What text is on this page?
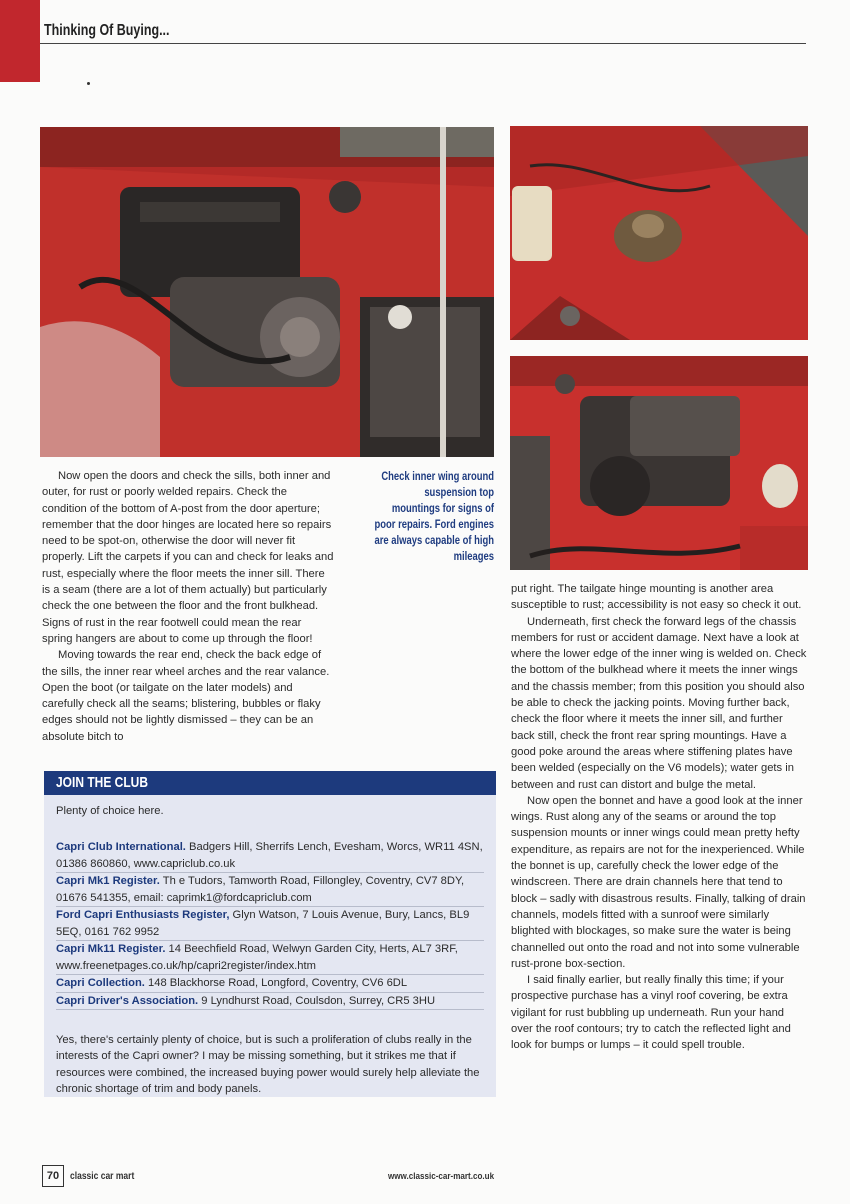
Thinking Of Buying...
Check inner wing around suspension top mountings for signs of poor repairs. Ford engines are always capable of high mileages

Now open the doors and check the sills, both inner and outer, for rust or poorly welded repairs. Check the condition of the bottom of A-post from the door aperture; remember that the door hinges are located here so repairs need to be spot-on, otherwise the door will never fit properly. Lift the carpets if you can and check for leaks and rust, especially where the floor meets the inner sill. There is a seam (there are a lot of them actually) but particularly check the one between the floor and the front bulkhead. Signs of rust in the rear footwell could mean the rear spring hangers are about to come up through the floor!

Moving towards the rear end, check the back edge of the sills, the inner rear wheel arches and the rear valance. Open the boot (or tailgate on the later models) and carefully check all the seams; blistering, bubbles or flaky edges should not be lightly dismissed – they can be an absolute bitch to

put right. The tailgate hinge mounting is another area susceptible to rust; accessibility is not easy so check it out.

Underneath, first check the forward legs of the chassis members for rust or accident damage. Next have a look at where the lower edge of the inner wing is welded on. Check the bottom of the bulkhead where it meets the inner wings and the chassis member; from this position you should also be able to check the jacking points. Moving further back, check the floor where it meets the inner sill, and further back still, check the front rear spring mountings. Have a good poke around the areas where stiffening plates have been welded (especially on the V6 models); water gets in between and rust can distort and bulge the metal.

Now open the bonnet and have a good look at the inner wings. Rust along any of the seams or around the top suspension mounts or inner wings could mean pretty hefty expenditure, as repairs are not for the inexperienced. While the bonnet is up, carefully check the lower edge of the windscreen. There are drain channels here that tend to block – sadly with disastrous results. Finally, talking of drain channels, models fitted with a sunroof were similarly blighted with blockages, so make sure the water is being channelled out onto the road and not into some vulnerable rust-prone box-section.

I said finally earlier, but really finally this time; if your prospective purchase has a vinyl roof covering, be extra vigilant for rust bubbling up underneath. Run your hand over the roof contours; try to catch the reflected light and look for bumps or lumps – it could spell trouble.

JOIN THE CLUB

Plenty of choice here.

Capri Club International. Badgers Hill, Sherrifs Lench, Evesham, Worcs, WR11 4SN, 01386 860860, www.capriclub.co.uk
Capri Mk1 Register. Th e Tudors, Tamworth Road, Fillongley, Coventry, CV7 8DY, 01676 541355, email: caprimk1@fordcapriclub.com
Ford Capri Enthusiasts Register, Glyn Watson, 7 Louis Avenue, Bury, Lancs, BL9 5EQ, 0161 762 9952
Capri Mk11 Register. 14 Beechfield Road, Welwyn Garden City, Herts, AL7 3RF, www.freenetpages.co.uk/hp/capri2register/index.htm
Capri Collection. 148 Blackhorse Road, Longford, Coventry, CV6 6DL
Capri Driver's Association. 9 Lyndhurst Road, Coulsdon, Surrey, CR5 3HU

Yes, there's certainly plenty of choice, but is such a proliferation of clubs really in the interests of the Capri owner? I may be missing something, but it strikes me that if resources were combined, the increased buying power would surely help alleviate the chronic shortage of trim and body panels.

70	classic car mart	www.classic-car-mart.co.uk
